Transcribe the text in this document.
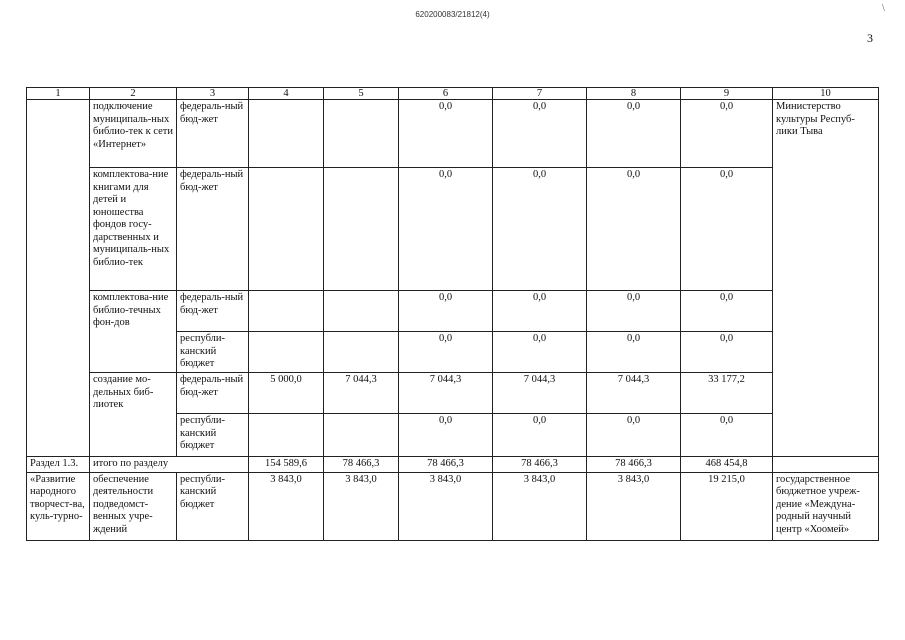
620200083/21812(4)
3
\
1	2	3	4	5	6	7	8	9	10
	подключение муниципаль-ных библио-тек к сети «Интернет»	федераль-ный бюд-жет			0,0	0,0	0,0	0,0	Министерство культуры Респуб-лики Тыва
	комплектова-ние книгами для детей и юношества фондов госу-дарственных и муниципаль-ных библио-тек	федераль-ный бюд-жет			0,0	0,0	0,0	0,0	
	комплектова-ние библио-течных фон-дов	федераль-ный бюд-жет			0,0	0,0	0,0	0,0	
		республи-канский бюджет			0,0	0,0	0,0	0,0	
	создание мо-дельных биб-лиотек	федераль-ный бюд-жет	5 000,0	7 044,3	7 044,3	7 044,3	7 044,3	33 177,2	
		республи-канский бюджет			0,0	0,0	0,0	0,0	
Раздел 1.3.	итого по разделу		154 589,6	78 466,3	78 466,3	78 466,3	78 466,3	468 454,8	
«Развитие народного творчест-ва, куль-турно-	обеспечение деятельности подведомст-венных учре-ждений	республи-канский бюджет	3 843,0	3 843,0	3 843,0	3 843,0	3 843,0	19 215,0	государственное бюджетное учреж-дение «Междуна-родный научный центр «Хоомей»
